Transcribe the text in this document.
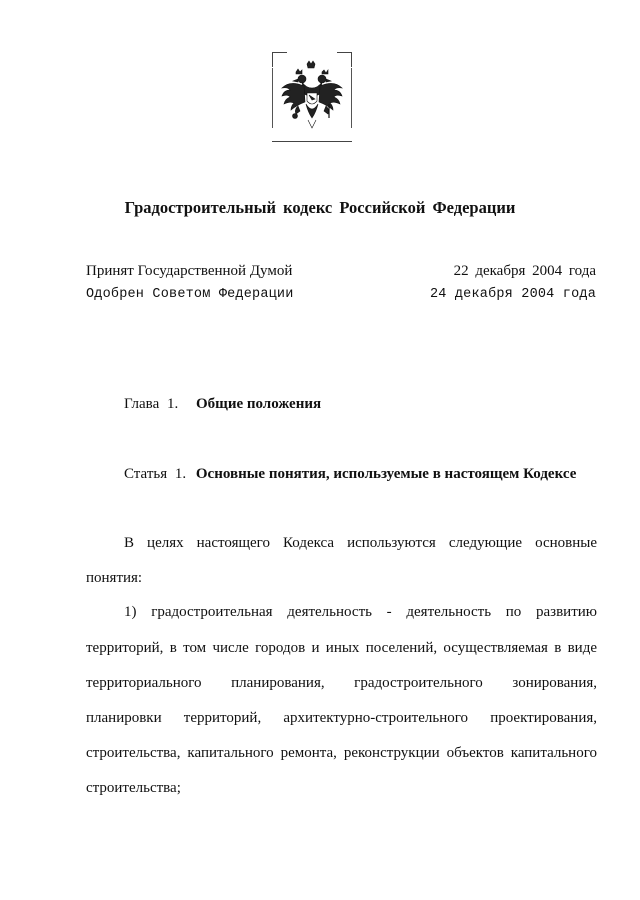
Градостроительный кодекс Российской Федерации
Принят Государственной Думой	22 декабря 2004 года
Одобрен Советом Федерации	24 декабря 2004 года
Глава 1. Общие положения
Статья 1. Основные понятия, используемые в настоящем Кодексе
В целях настоящего Кодекса используются следующие основные
понятия:
1) градостроительная деятельность - деятельность по развитию
территорий, в том числе городов и иных поселений, осуществляемая в виде
территориального планирования, градостроительного зонирования,
планировки территорий, архитектурно-строительного проектирования,
строительства, капитального ремонта, реконструкции объектов капитального
строительства;
